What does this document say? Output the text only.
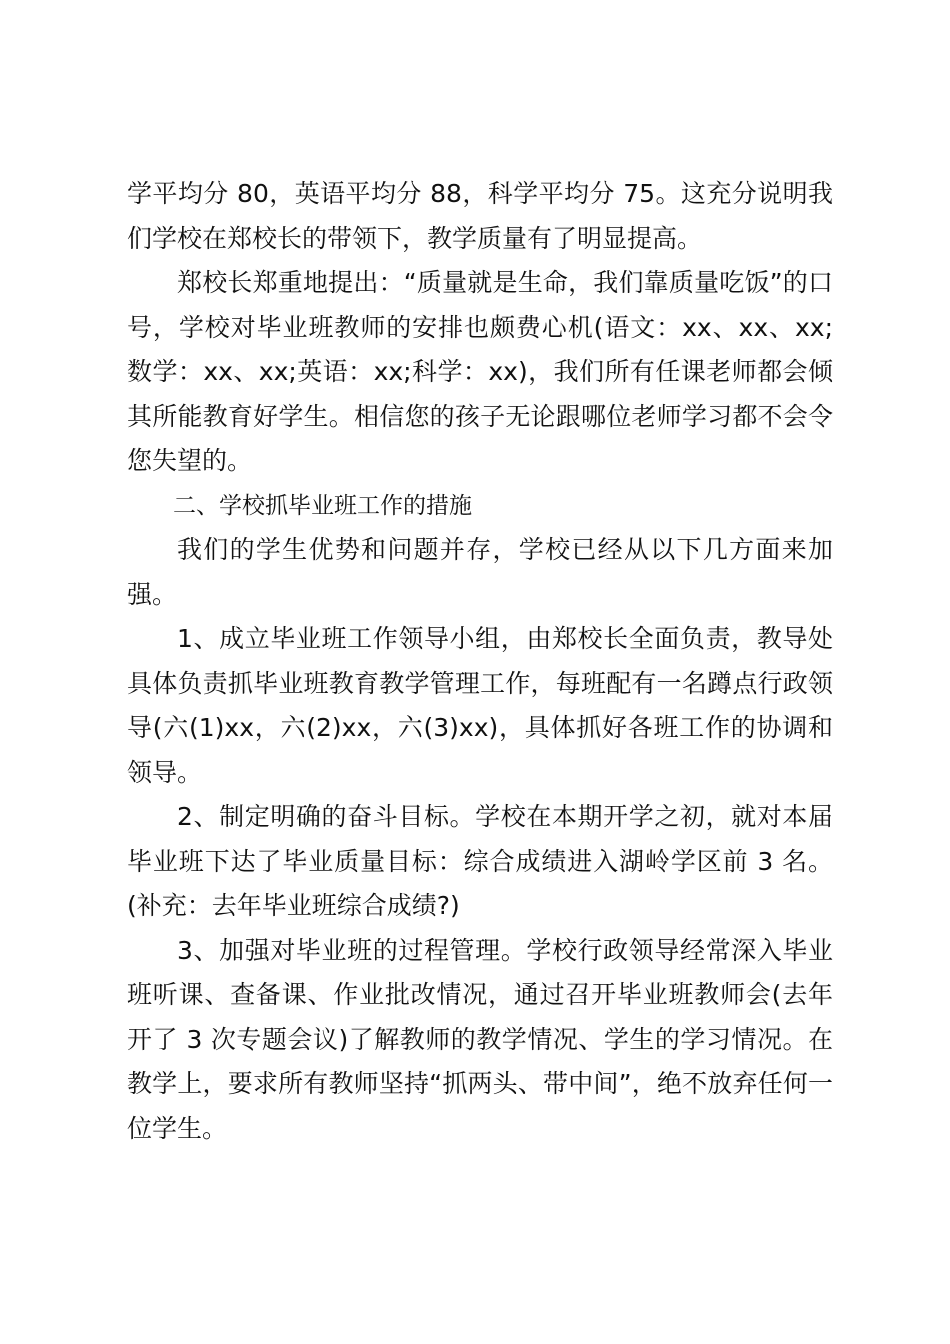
学平均分 80，英语平均分 88，科学平均分 75。这充分说明我们学校在郑校长的带领下，教学质量有了明显提高。

郑校长郑重地提出：“质量就是生命，我们靠质量吃饭”的口号，学校对毕业班教师的安排也颇费心机(语文：xx、xx、xx;数学：xx、xx;英语：xx;科学：xx)，我们所有任课老师都会倾其所能教育好学生。相信您的孩子无论跟哪位老师学习都不会令您失望的。

二、学校抓毕业班工作的措施

我们的学生优势和问题并存，学校已经从以下几方面来加强。

1、成立毕业班工作领导小组，由郑校长全面负责，教导处具体负责抓毕业班教育教学管理工作，每班配有一名蹲点行政领导(六(1)xx，六(2)xx，六(3)xx)，具体抓好各班工作的协调和领导。

2、制定明确的奋斗目标。学校在本期开学之初，就对本届毕业班下达了毕业质量目标：综合成绩进入湖岭学区前 3 名。(补充：去年毕业班综合成绩?)

3、加强对毕业班的过程管理。学校行政领导经常深入毕业班听课、查备课、作业批改情况，通过召开毕业班教师会(去年开了 3 次专题会议)了解教师的教学情况、学生的学习情况。在教学上，要求所有教师坚持“抓两头、带中间”，绝不放弃任何一位学生。
